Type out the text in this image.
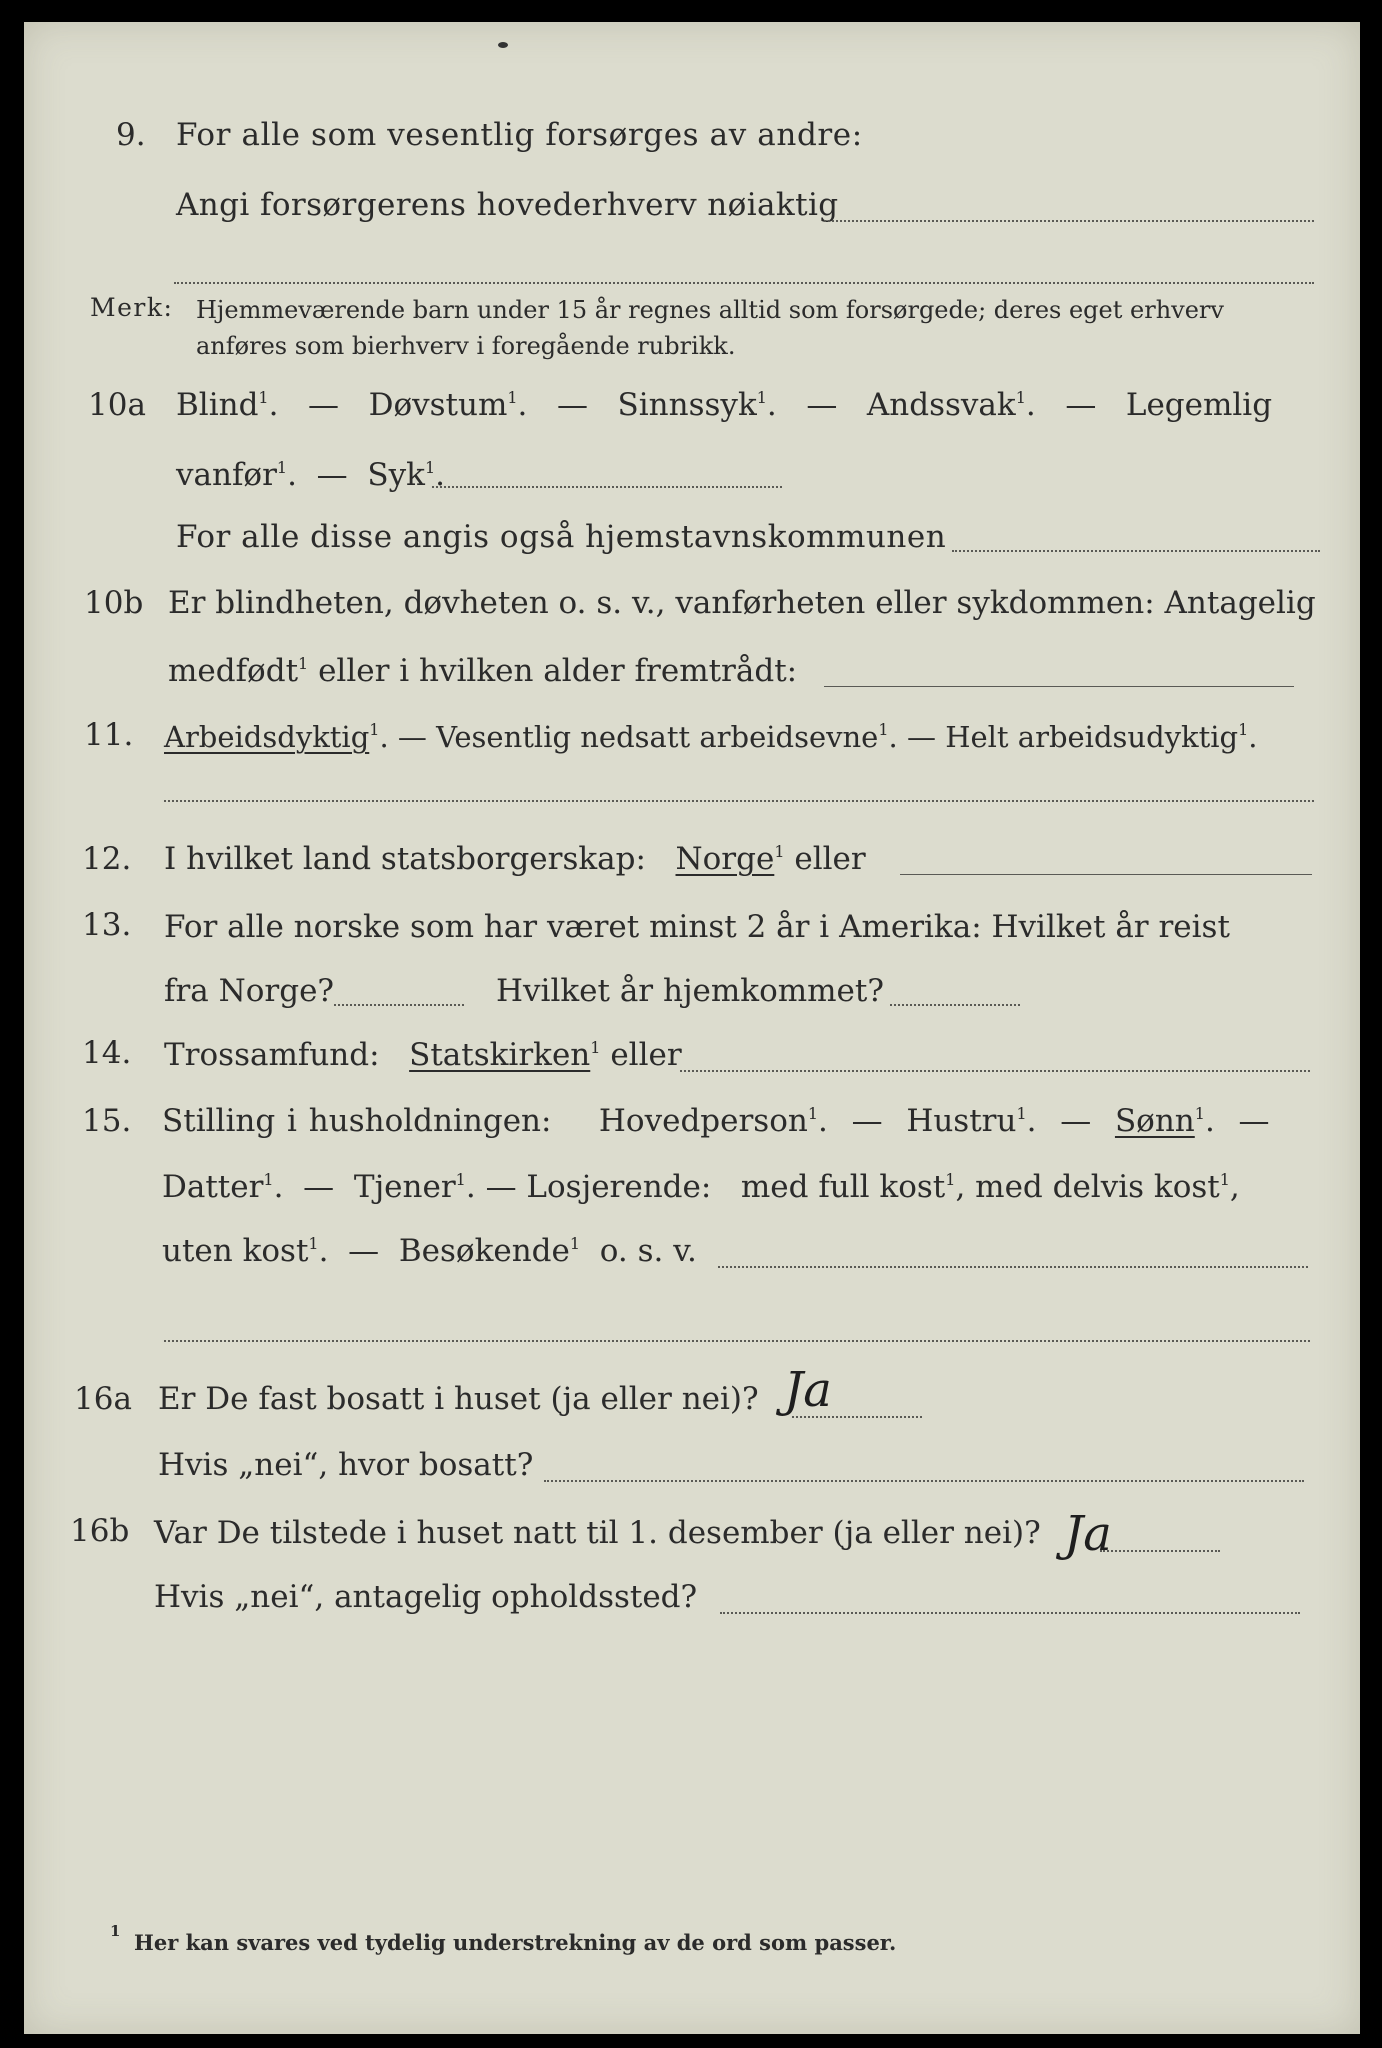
9. For alle som vesentlig forsørges av andre:
Angi forsørgerens hovederhverv nøiaktig
Merk: Hjemmeværende barn under 15 år regnes alltid som forsørgede; deres eget erhverv
anføres som bierhverv i foregående rubrikk.
10a Blind$^1$.   — Døvstum$^1$.   — Sinnssyk$^1$.   — Andssvak$^1$.   — Legemlig
vanfør$^1$.  — Syk$^1$.
For alle disse angis også hjemstavnskommunen
10b Er blindheten, døvheten o. s. v., vanførheten eller sykdommen: Antagelig
medfødt$^1$ eller i hvilken alder fremtrådt:
11. Arbeidsdyktig$^1$. — Vesentlig nedsatt arbeidsevne$^1$. — Helt arbeidsudyktig$^1$.
12. I hvilket land statsborgerskap: Norge$^1$ eller
13. For alle norske som har været minst 2 år i Amerika: Hvilket år reist
fra Norge?	Hvilket år hjemkommet?
14. Trossamfund: Statskirken$^1$ eller
15. Stilling i husholdningen: Hovedperson$^1$.  — Hustru$^1$.  — Sønn$^1$.  —
Datter$^1$.  — Tjener$^1$. — Losjerende: med full kost$^1$, med delvis kost$^1$,
uten kost$^1$.  — Besøkende$^1$ o. s. v.
16a Er De fast bosatt i huset (ja eller nei)? Ja
Hvis „nei“, hvor bosatt?
16b Var De tilstede i huset natt til 1. desember (ja eller nei)? Ja
Hvis „nei“, antagelig opholdssted?
1 Her kan svares ved tydelig understrekning av de ord som passer.
